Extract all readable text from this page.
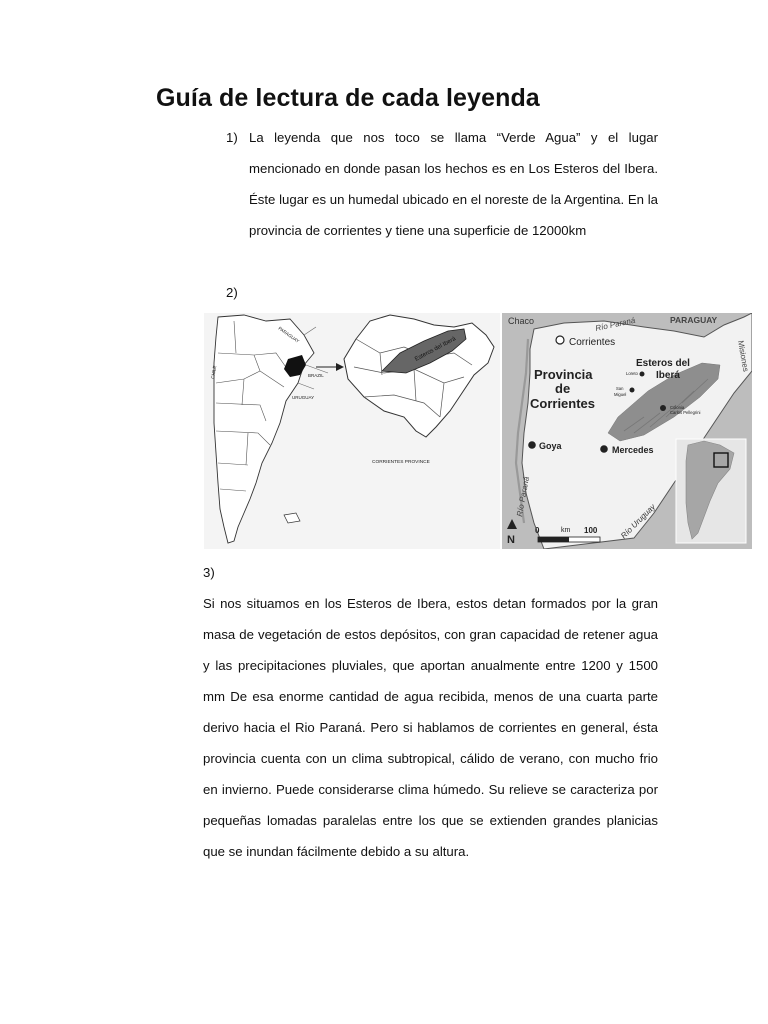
Guía de lectura de cada leyenda
1) La leyenda que nos toco se llama “Verde Agua” y el lugar mencionado en donde pasan los hechos es en Los Esteros del Ibera. Éste lugar es un humedal ubicado en el noreste de la Argentina. En la provincia de corrientes y tiene una superficie de 12000km
2)
PARAGUAY
CHILE	BRAZIL
URUGUAY
Esteros del Iberá
CORRIENTES PROVINCE
Chaco	Río Paraná	PARAGUAY
Misiones
Corrientes
Esteros del
Iberá
Provincia
de
Corrientes
Loreto
San
Miguel
Colonia
Carlos Pellegrini
Goya	Mercedes
Río Paraná
Río Uruguay
0	km 100
N
3)

Si nos situamos en los Esteros de Ibera, estos detan formados por la gran masa de vegetación de estos depósitos, con gran capacidad de retener agua y las precipitaciones pluviales, que aportan anualmente entre 1200 y 1500 mm De esa enorme cantidad de agua recibida, menos de una cuarta parte derivo hacia el Rio Paraná. Pero si hablamos de corrientes en general, ésta provincia cuenta con un clima subtropical, cálido de verano, con mucho frio en invierno. Puede considerarse clima húmedo. Su relieve se caracteriza por pequeñas lomadas paralelas entre los que se extienden grandes planicias que se inundan fácilmente debido a su altura.
